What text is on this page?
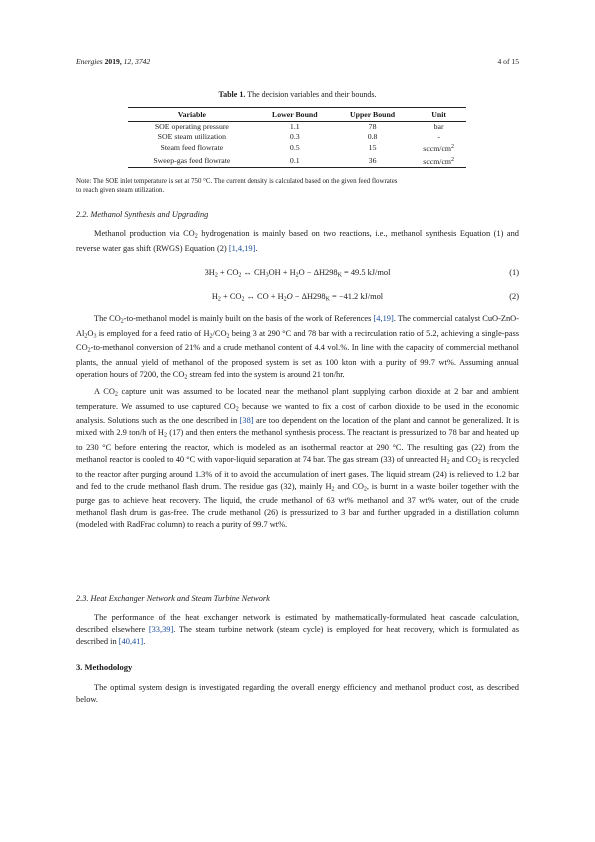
Energies 2019, 12, 3742	4 of 15
Table 1. The decision variables and their bounds.
Variable	Lower Bound	Upper Bound	Unit
SOE operating pressure	1.1	78	bar
SOE steam utilization	0.3	0.8	-
Steam feed flowrate	0.5	15	sccm/$cm^2$
Sweep-gas feed flowrate	0.1	36	sccm/$cm^2$
Note: The SOE inlet temperature is set at 750 °C. The current density is calculated based on the given feed flowrates
to reach given steam utilization.
2.2. Methanol Synthesis and Upgrading

Methanol production via $CO_2$ hydrogenation is mainly based on two reactions, i.e., methanol synthesis Equation (1) and reverse water gas shift (RWGS) Equation (2) [1,4,19].

$3H_2 + CO_2$ ↔ $CH_3OH + H_2O - \Delta H298_K = 49.5$ kJ/mol	(1)
$H_2 + CO_2$ ↔ CO + $H_2O - \Delta H298_K = -41.2$ kJ/mol	(2)

The $CO_2-to$-methanol model is mainly built on the basis of the work of References [4,19]. The commercial catalyst CuO-$ZnO-Al_2O_3$ is employed for a feed ratio of $H_2/CO_2$ being 3 at 290 °C and 78 bar with a recirculation ratio of 5.2, achieving a single-pass $CO_2-to$-methanol conversion of 21% and a crude methanol content of 4.4 vol.%. In line with the capacity of commercial methanol plants, the annual yield of methanol of the proposed system is set as 100 kton with a purity of 99.7 wt%. Assuming annual operation hours of 7200, the $CO_2$ stream fed into the system is around 21 ton/hr.

A $CO_2$ capture unit was assumed to be located near the methanol plant supplying carbon dioxide at 2 bar and ambient temperature. We assumed to use captured $CO_2$ because we wanted to fix a cost of carbon dioxide to be used in the economic analysis. Solutions such as the one described in [38] are too dependent on the location of the plant and cannot be generalized. It is mixed with 2.9 ton/h of $H_2$ (17) and then enters the methanol synthesis process. The reactant is pressurized to 78 bar and heated up to 230 °C before entering the reactor, which is modeled as an isothermal reactor at 290 °C. The resulting gas (22) from the methanol reactor is cooled to 40 °C with vapor-liquid separation at 74 bar. The gas stream (33) of unreacted $H_2$ and $CO_2$ is recycled to the reactor after purging around 1.3% of it to avoid the accumulation of inert gases. The liquid stream (24) is relieved to 1.2 bar and fed to the crude methanol flash drum. The residue gas (32), mainly $H_2$ and $CO_2$, is burnt in a waste boiler together with the purge gas to achieve heat recovery. The liquid, the crude methanol of 63 wt% methanol and 37 wt% water, out of the crude methanol flash drum is gas-free. The crude methanol (26) is pressurized to 3 bar and further upgraded in a distillation column (modeled with RadFrac column) to reach a purity of 99.7 wt%.

2.3. Heat Exchanger Network and Steam Turbine Network

The performance of the heat exchanger network is estimated by mathematically-formulated heat cascade calculation, described elsewhere [33,39]. The steam turbine network (steam cycle) is employed for heat recovery, which is formulated as described in [40,41].

3. Methodology

The optimal system design is investigated regarding the overall energy efficiency and methanol product cost, as described below.
